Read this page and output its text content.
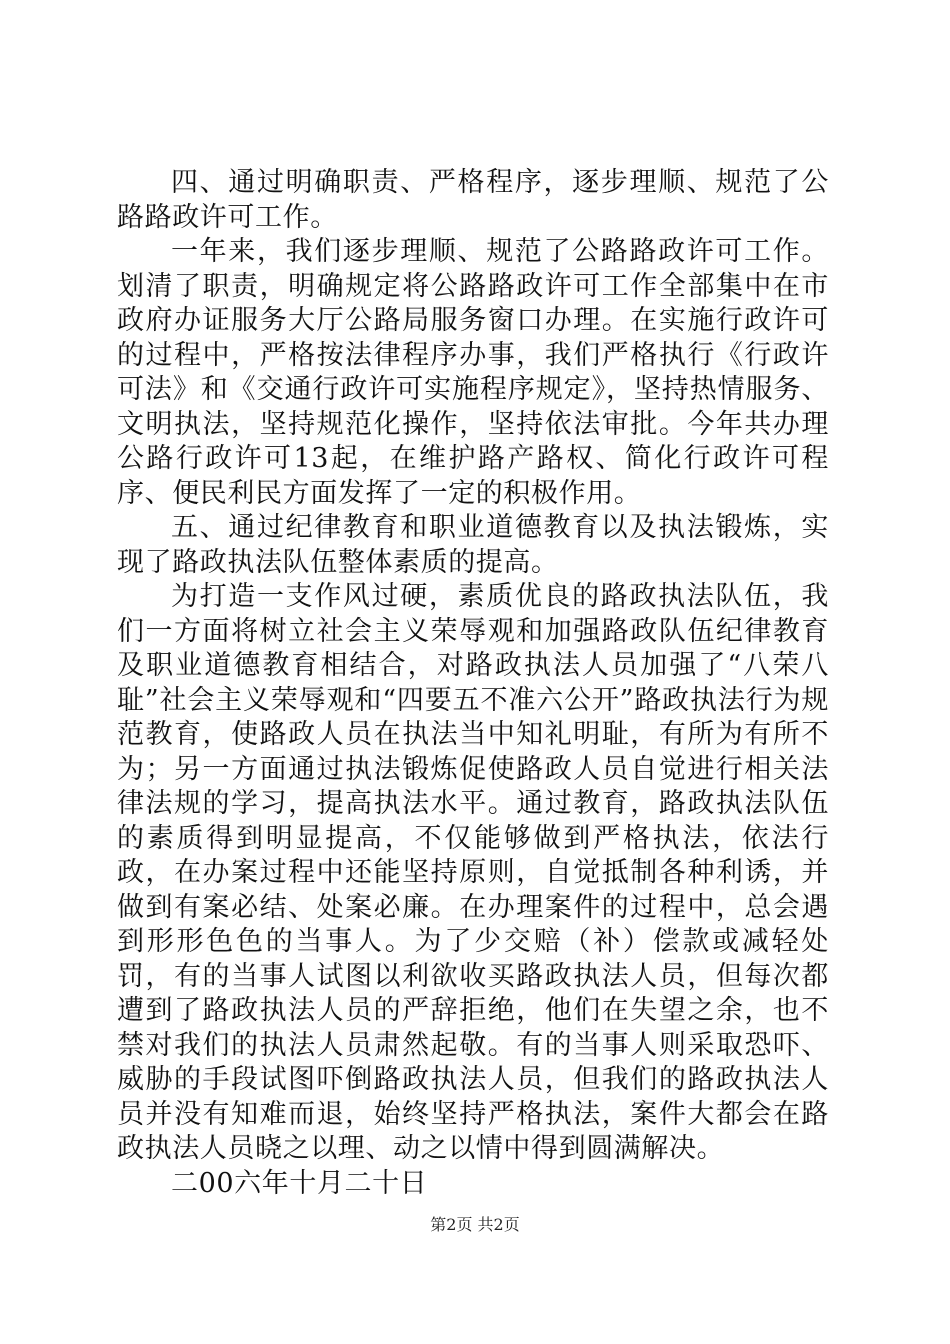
四、通过明确职责、严格程序，逐步理顺、规范了公路路政许可工作。

一年来，我们逐步理顺、规范了公路路政许可工作。划清了职责，明确规定将公路路政许可工作全部集中在市政府办证服务大厅公路局服务窗口办理。在实施行政许可的过程中，严格按法律程序办事，我们严格执行《行政许可法》和《交通行政许可实施程序规定》，坚持热情服务、文明执法，坚持规范化操作，坚持依法审批。今年共办理公路行政许可13起，在维护路产路权、简化行政许可程序、便民利民方面发挥了一定的积极作用。

五、通过纪律教育和职业道德教育以及执法锻炼，实现了路政执法队伍整体素质的提高。

为打造一支作风过硬，素质优良的路政执法队伍，我们一方面将树立社会主义荣辱观和加强路政队伍纪律教育及职业道德教育相结合，对路政执法人员加强了“八荣八耻”社会主义荣辱观和“四要五不准六公开”路政执法行为规范教育，使路政人员在执法当中知礼明耻，有所为有所不为；另一方面通过执法锻炼促使路政人员自觉进行相关法律法规的学习，提高执法水平。通过教育，路政执法队伍的素质得到明显提高，不仅能够做到严格执法，依法行政，在办案过程中还能坚持原则，自觉抵制各种利诱，并做到有案必结、处案必廉。在办理案件的过程中，总会遇到形形色色的当事人。为了少交赔（补）偿款或减轻处罚，有的当事人试图以利欲收买路政执法人员，但每次都遭到了路政执法人员的严辞拒绝，他们在失望之余，也不禁对我们的执法人员肃然起敬。有的当事人则采取恐吓、威胁的手段试图吓倒路政执法人员，但我们的路政执法人员并没有知难而退，始终坚持严格执法，案件大都会在路政执法人员晓之以理、动之以情中得到圆满解决。

二00六年十月二十日

第2页 共2页
